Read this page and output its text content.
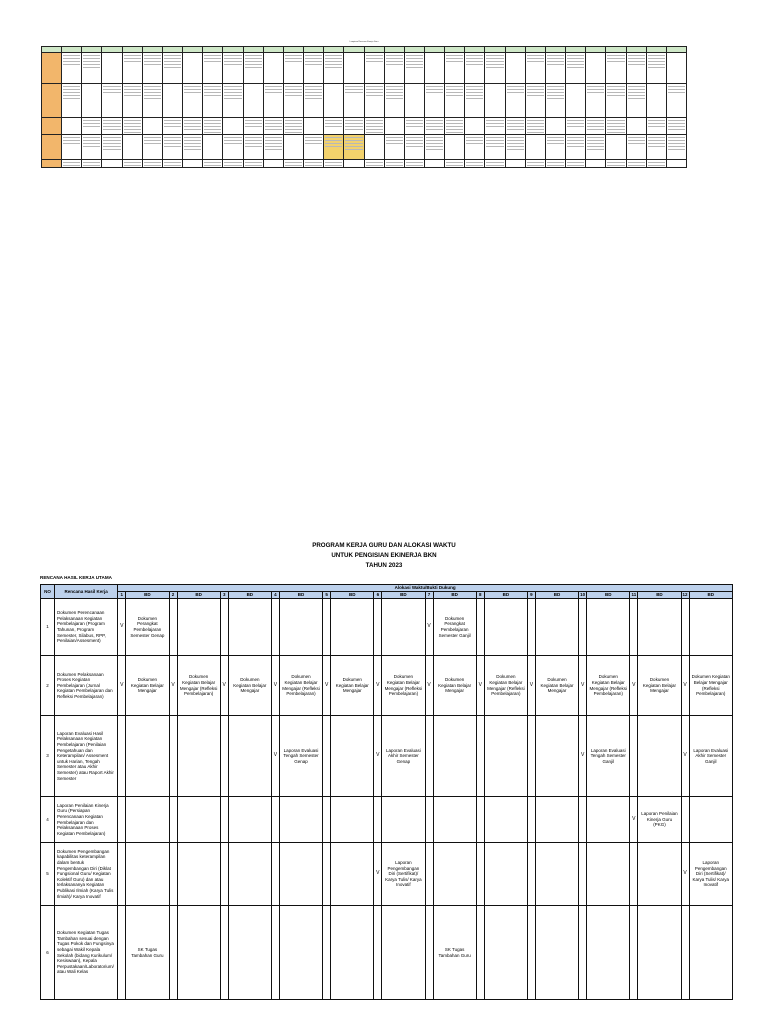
Lampiran Rencana Kinerja Guru

PROGRAM KERJA GURU DAN ALOKASI WAKTU
UNTUK PENGISIAN EKINERJA BKN
TAHUN 2023
RENCANA HASIL KERJA UTAMA
NO	Rencana Hasil Kerja	Alokasi Waktu/Bukti Dukung																							
		1	BD	2	BD	3	BD	4	BD	5	BD	6	BD	7	BD	8	BD	9	BD	10	BD	11	BD	12	BD
1	Dokumen Perencanaan Pelaksanaan Kegiatan Pembelajaran (Program Tahunan, Program Semester, Silabus, RPP, Penilaian/Assesment)	V	Dokumen Perangkat Pembelajaran Semester Genap											V	Dokumen Perangkat Pembelajaran Semester Ganjil										
2	Dokumen Pelaksanaan Proses Kegiatan Pembelajaran (Jurnal Kegiatan Pembelajaran dan Refleksi Pembelajaran)	V	Dokumen Kegiatan Belajar Mengajar	V	Dokumen Kegiatan Belajar Mengajar (Refleksi Pembelajaran)	V	Dokumen Kegiatan Belajar Mengajar	V	Dokumen Kegiatan Belajar Mengajar (Refleksi Pembelajaran)	V	Dokumen Kegiatan Belajar Mengajar	V	Dokumen Kegiatan Belajar Mengajar (Refleksi Pembelajaran)	V	Dokumen Kegiatan Belajar Mengajar	V	Dokumen Kegiatan Belajar Mengajar (Refleksi Pembelajaran)	V	Dokumen Kegiatan Belajar Mengajar	V	Dokumen Kegiatan Belajar Mengajar (Refleksi Pembelajaran)	V	Dokumen Kegiatan Belajar Mengajar	V	Dokumen Kegiatan Belajar Mengajar (Refleksi Pembelajaran)
3	Laporan Evaluasi Hasil Pelaksanaan Kegiatan Pembelajaran (Penilaian Pengetahuan dan Keterampilan/ Assesment untuk Harian, Tengah Semester atau Akhir Semester) atau Raport Akhir Semester							V	Laporan Evaluasi Tengah Semester Genap			V	Laporan Evaluasi Akhir Semester Genap							V	Laporan Evaluasi Tengah Semester Ganjil			V	Laporan Evaluasi Akhir Semester Ganjil
4	Laporan Penilaian Kinerja Guru (Persiapan Perencanaan Kegiatan Pembelajaran dan Pelaksanaan Proses Kegiatan Pembelajaran)																					V	Laporan Penilaian Kinerja Guru (PKG)		
5	Dokumen Pengembangan kapabilitas keterampilan dalam bentuk Pengembangan Diri (Diklat Fungsional Guru/ Kegiatan Kolektif Guru) dan atau terlaksananya Kegiatan Publikasi Ilmiah (Karya Tulis Ilmiah)/ Karya Inovatif											V	Laporan Pengembangan Diri (Sertifikat)/ Karya Tulis/ Karya Inovatif											V	Laporan Pengembangan Diri (Sertifikat)/ Karya Tulis/ Karya Inovatif
6	Dokumen Kegiatan Tugas Tambahan sesuai dengan Tugas Pokok dan Fungsinya sebagai Wakil Kepala Sekolah (bidang Kurikulum/ Kesiswaan), Kepala Perpustakaan/Laboratorium/ atau Wali Kelas		SK Tugas Tambahan Guru												SK Tugas Tambahan Guru										
